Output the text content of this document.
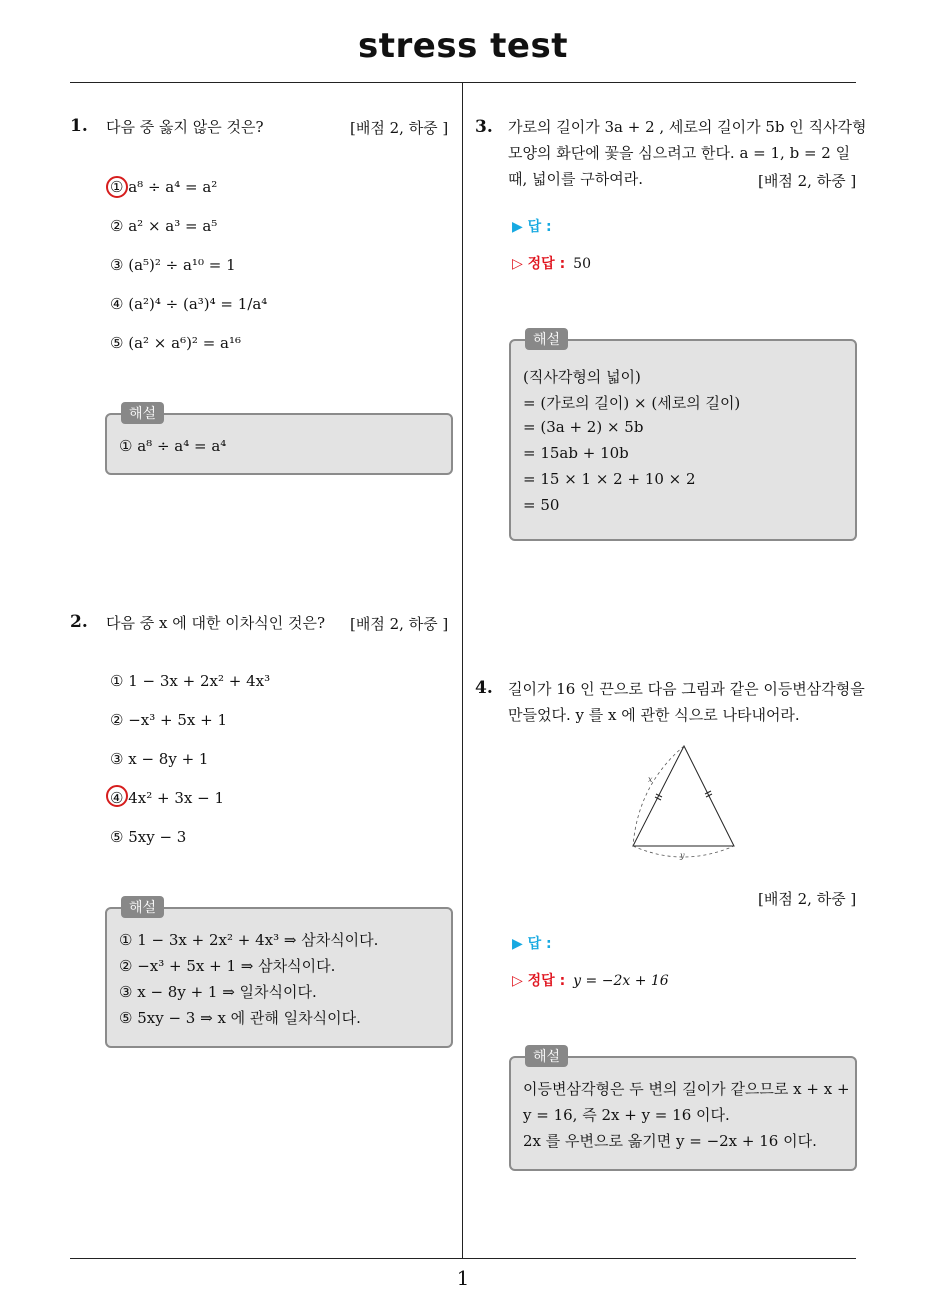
stress test
1
1. 다음 중 옳지 않은 것은?	[배점 2, 하중 ]
① a⁸ ÷ a⁴ = a²
② a² × a³ = a⁵
③ (a⁵)² ÷ a¹⁰ = 1
④ (a²)⁴ ÷ (a³)⁴ = 1/a⁴
⑤ (a² × a⁶)² = a¹⁶
해설
① a⁸ ÷ a⁴ = a⁴
2. 다음 중 x 에 대한 이차식인 것은? [배점 2, 하중 ]
① 1 − 3x + 2x² + 4x³
② −x³ + 5x + 1
③ x − 8y + 1
④ 4x² + 3x − 1
⑤ 5xy − 3
해설
① 1 − 3x + 2x² + 4x³ ⇒ 삼차식이다.
② −x³ + 5x + 1 ⇒ 삼차식이다.
③ x − 8y + 1 ⇒ 일차식이다.
⑤ 5xy − 3 ⇒ x 에 관해 일차식이다.
3. 가로의 길이가 3a + 2 , 세로의 길이가 5b 인 직사각형
모양의 화단에 꽃을 심으려고 한다. a = 1, b = 2 일
때, 넓이를 구하여라.	[배점 2, 하중 ]
▶ 답 :
▷ 정답 : 50
해설
(직사각형의 넓이)
= (가로의 길이) × (세로의 길이)
= (3a + 2) × 5b
= 15ab + 10b
= 15 × 1 × 2 + 10 × 2
= 50
4. 길이가 16 인 끈으로 다음 그림과 같은 이등변삼각형을
만들었다. y 를 x 에 관한 식으로 나타내어라.
x
y
[배점 2, 하중 ]
▶ 답 :
▷ 정답 : y = −2x + 16
해설
이등변삼각형은 두 변의 길이가 같으므로 x + x +
y = 16, 즉 2x + y = 16 이다.
2x 를 우변으로 옮기면 y = −2x + 16 이다.
